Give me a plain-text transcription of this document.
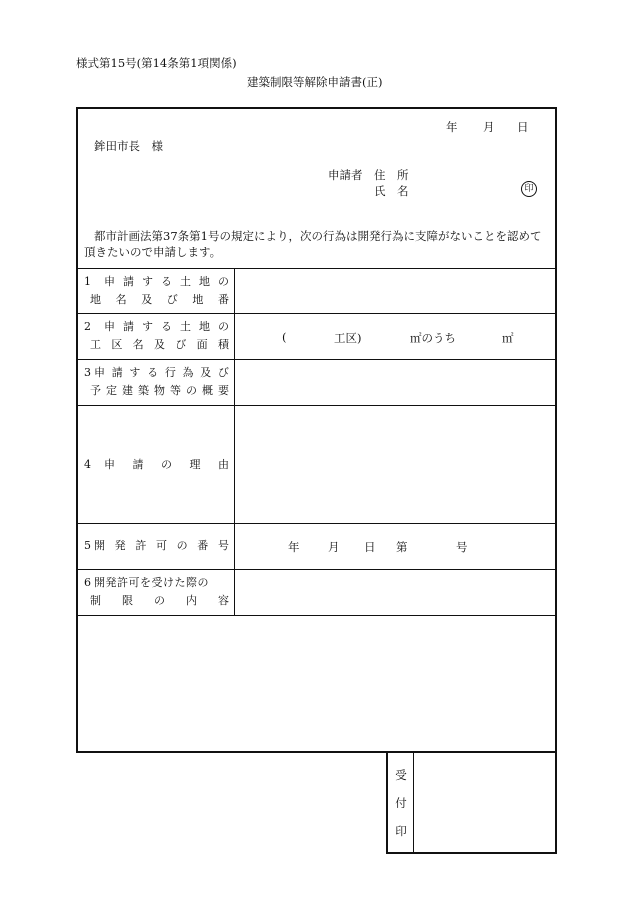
様式第15号(第14条第1項関係)
建築制限等解除申請書(正)
年 月 日
鉾田市長　様
申請者 住　所
氏　名	印
都市計画法第37条第1号の規定により，次の行為は開発行為に支障がないことを認めて
頂きたいので申請します。
1 申 請 す る 土 地 の
地 名 及 び 地 番
2 申 請 す る 土 地 の
工 区 名 及 び 面 積
(	工区)	㎡のうち	㎡
3 申 請 す る 行 為 及 び
予 定 建 築 物 等 の 概 要
4 申 請 の 理 由
5 開 発 許 可 の 番 号	年 月 日 第	号
6 開発許可を受けた際の
制 限 の 内 容
受
付
印
